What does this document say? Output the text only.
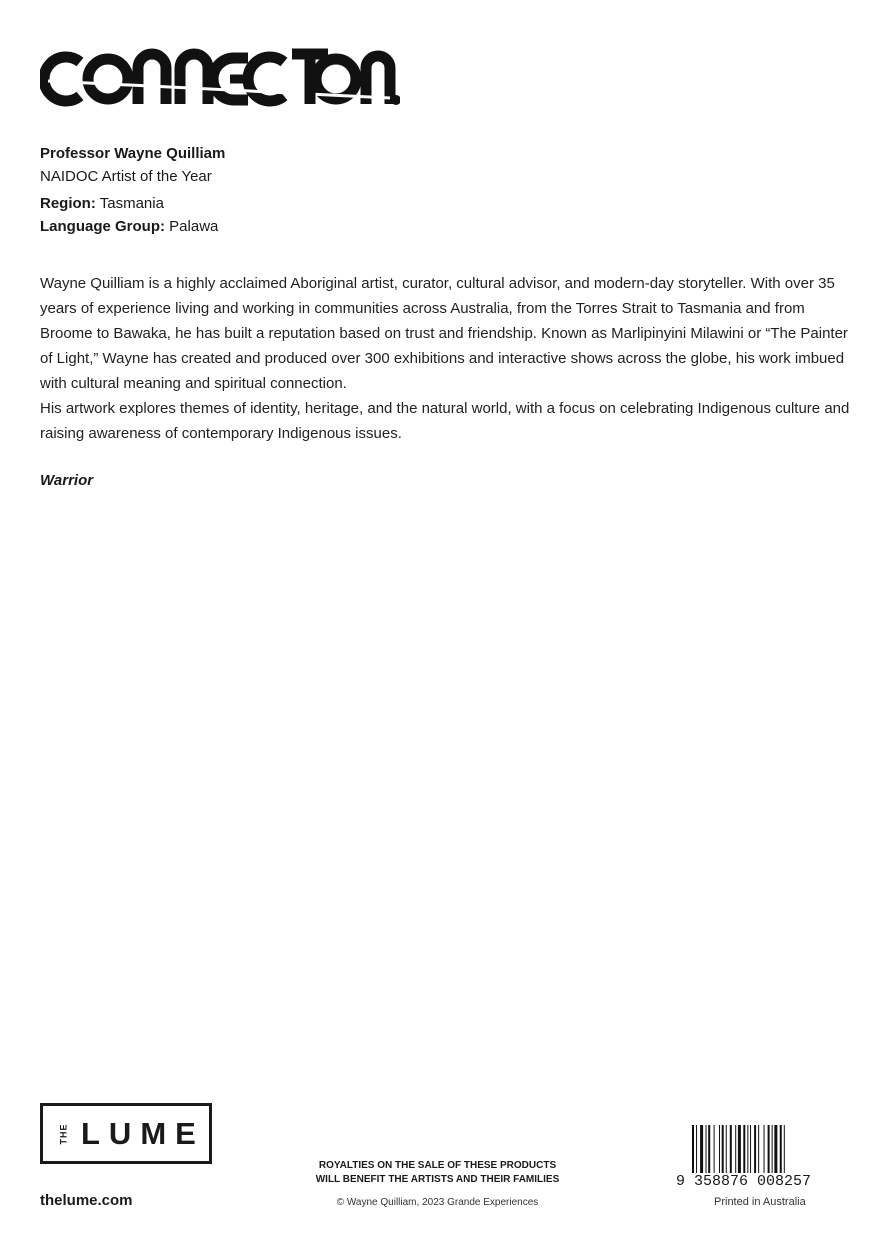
Professor Wayne Quilliam
NAIDOC Artist of the Year
Region: Tasmania
Language Group: Palawa

Wayne Quilliam is a highly acclaimed Aboriginal artist, curator, cultural advisor, and modern-day storyteller. With over 35 years of experience living and working in communities across Australia, from the Torres Strait to Tasmania and from Broome to Bawaka, he has built a reputation based on trust and friendship. Known as Marlipinyini Milawini or “The Painter of Light,” Wayne has created and produced over 300 exhibitions and interactive shows across the globe, his work imbued with cultural meaning and spiritual connection.

His artwork explores themes of identity, heritage, and the natural world, with a focus on celebrating Indigenous culture and raising awareness of contemporary Indigenous issues.

Warrior
THE LUME
thelume.com
ROYALTIES ON THE SALE OF THESE PRODUCTS
WILL BENEFIT THE ARTISTS AND THEIR FAMILIES
© Wayne Quilliam, 2023 Grande Experiences
9 358876 008257
Printed in Australia
